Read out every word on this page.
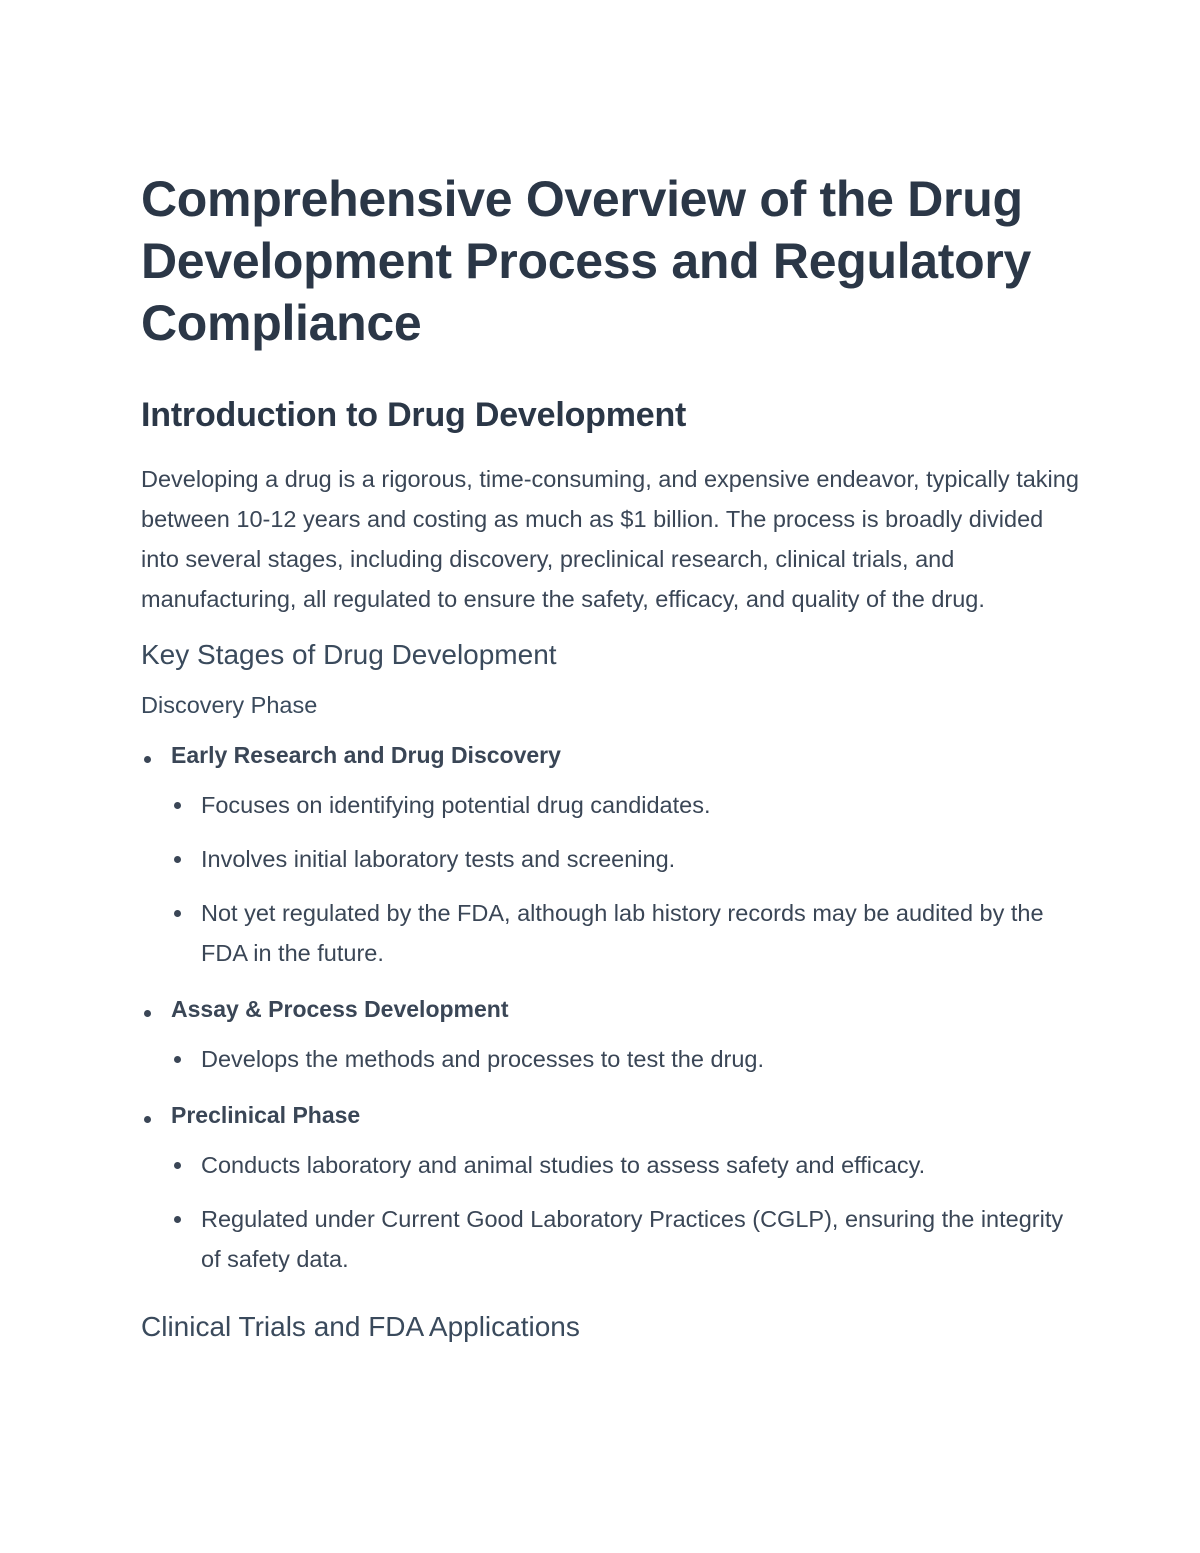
Comprehensive Overview of the Drug Development Process and Regulatory Compliance
Introduction to Drug Development

Developing a drug is a rigorous, time-consuming, and expensive endeavor, typically taking between 10-12 years and costing as much as $1 billion. The process is broadly divided into several stages, including discovery, preclinical research, clinical trials, and manufacturing, all regulated to ensure the safety, efficacy, and quality of the drug.

Key Stages of Drug Development
Discovery Phase
Early Research and Drug Discovery
Focuses on identifying potential drug candidates.
Involves initial laboratory tests and screening.
Not yet regulated by the FDA, although lab history records may be audited by the FDA in the future.
Assay & Process Development
Develops the methods and processes to test the drug.
Preclinical Phase
Conducts laboratory and animal studies to assess safety and efficacy.
Regulated under Current Good Laboratory Practices (CGLP), ensuring the integrity of safety data.
Clinical Trials and FDA Applications
